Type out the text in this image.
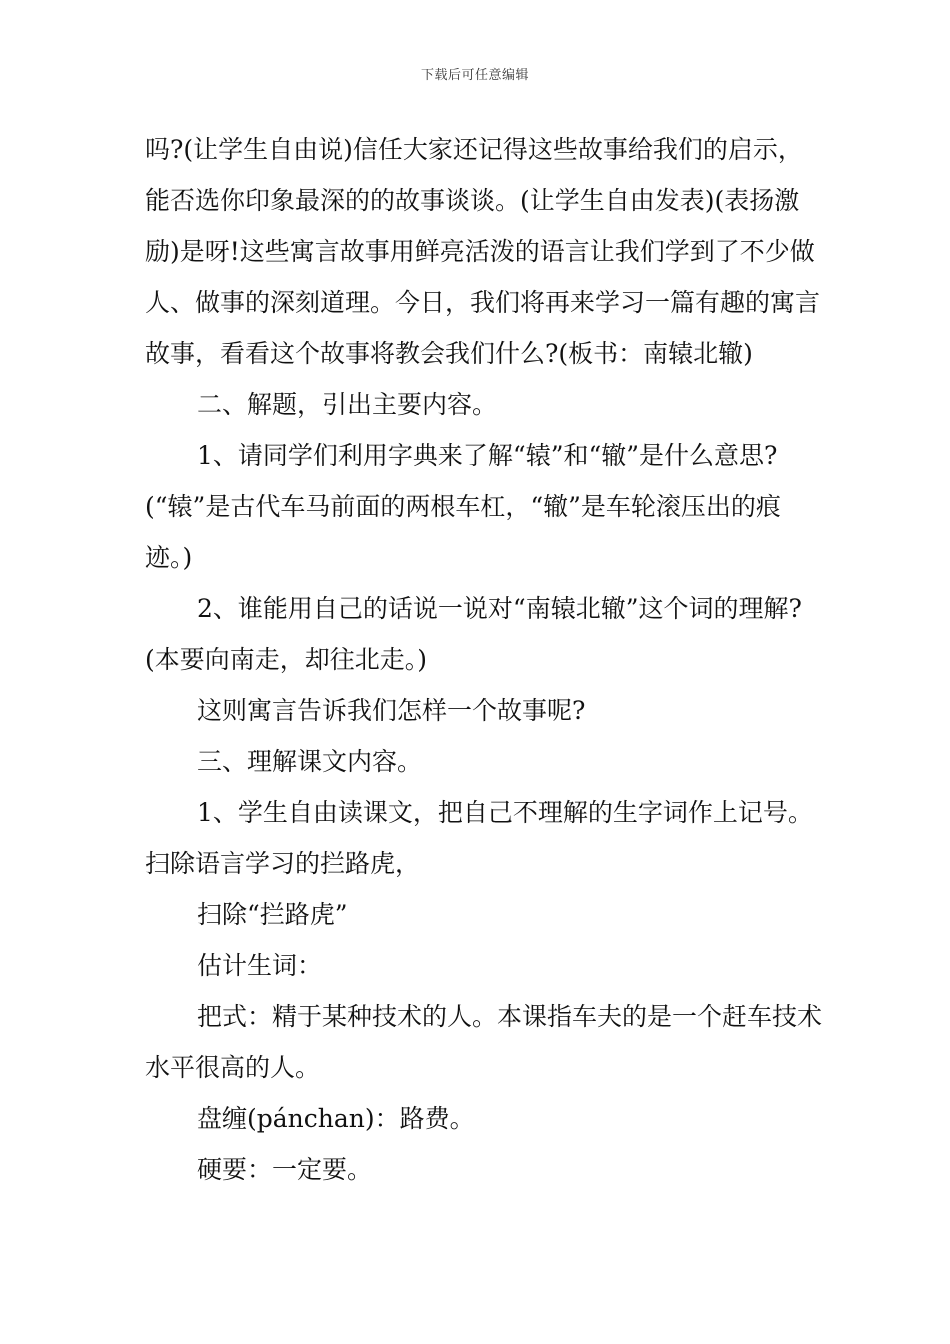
下载后可任意编辑

吗?(让学生自由说)信任大家还记得这些故事给我们的启示，能否选你印象最深的的故事谈谈。(让学生自由发表)(表扬激励)是呀!这些寓言故事用鲜亮活泼的语言让我们学到了不少做人、做事的深刻道理。今日，我们将再来学习一篇有趣的寓言故事，看看这个故事将教会我们什么?(板书：南辕北辙)

二、解题，引出主要内容。

1、请同学们利用字典来了解“辕”和“辙”是什么意思?(“辕”是古代车马前面的两根车杠，“辙”是车轮滚压出的痕迹。)

2、谁能用自己的话说一说对“南辕北辙”这个词的理解?(本要向南走，却往北走。)

这则寓言告诉我们怎样一个故事呢?

三、理解课文内容。

1、学生自由读课文，把自己不理解的生字词作上记号。扫除语言学习的拦路虎，

扫除“拦路虎”

估计生词：

把式：精于某种技术的人。本课指车夫的是一个赶车技术水平很高的人。

盘缠(pánchan)：路费。

硬要：一定要。
